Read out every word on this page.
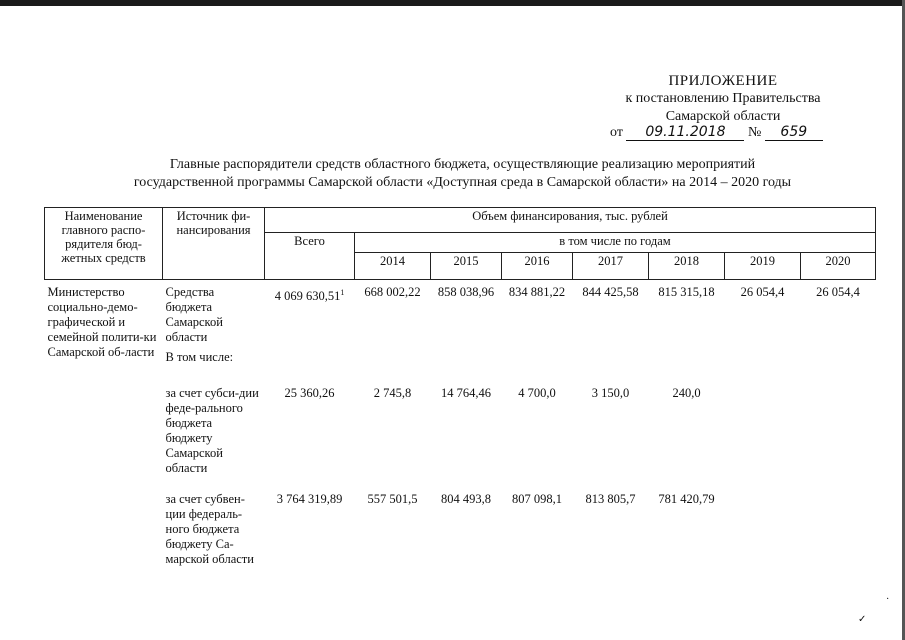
ПРИЛОЖЕНИЕ
к постановлению Правительства
Самарской области
от 09.11.2018 № 659
Главные распорядители средств областного бюджета, осуществляющие реализацию мероприятий
государственной программы Самарской области «Доступная среда в Самарской области» на 2014 – 2020 годы
Наименование главного распо-рядителя бюд-жетных средств	Источник фи-нансирования	Объем финансирования, тыс. рублей							
		Всего	в том числе по годам						
			2014	2015	2016	2017	2018	2019	2020

Министерство социально-демо-графической и семейной полити-ки Самарской об-ласти	Средства бюджета Самарской области	4 069 630,51$^1$	668 002,22	858 038,96	834 881,22	844 425,58	815 315,18	26 054,4	26 054,4
	В том числе:								
	за счет субси-дии феде-рального бюджета бюджету Самарской области	25 360,26	2 745,8	14 764,46	4 700,0	3 150,0	240,0		
	за счет субвен-ции федераль-ного бюджета бюджету Са-марской области	3 764 319,89	557 501,5	804 493,8	807 098,1	813 805,7	781 420,79		
✓
·
